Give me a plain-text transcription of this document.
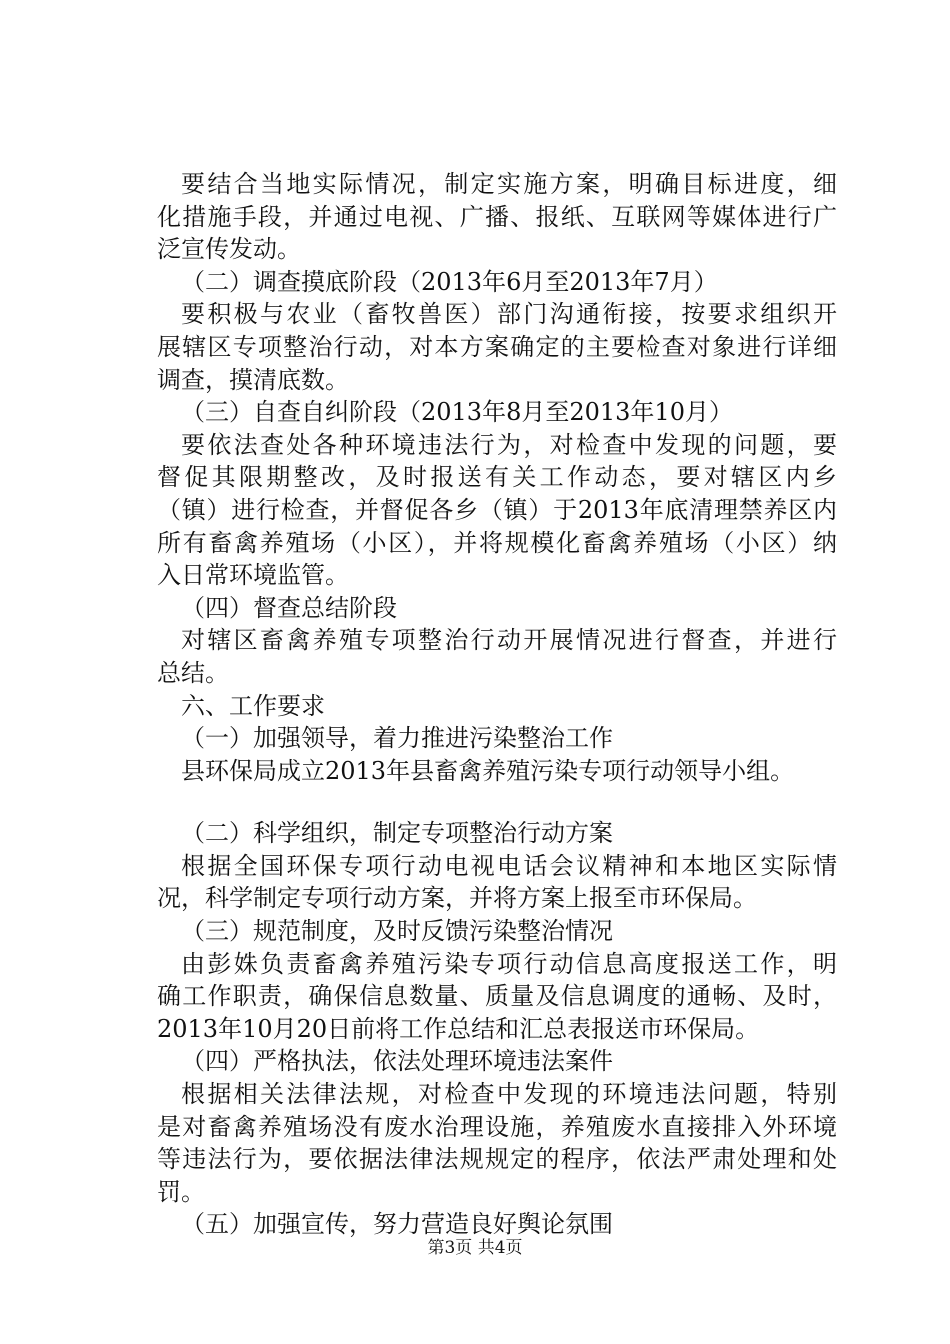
要结合当地实际情况，制定实施方案，明确目标进度，细
化措施手段，并通过电视、广播、报纸、互联网等媒体进行广
泛宣传发动。
（二）调查摸底阶段（2013年6月至2013年7月）
要积极与农业（畜牧兽医）部门沟通衔接，按要求组织开
展辖区专项整治行动，对本方案确定的主要检查对象进行详细
调查，摸清底数。
（三）自查自纠阶段（2013年8月至2013年10月）
要依法查处各种环境违法行为，对检查中发现的问题，要
督促其限期整改，及时报送有关工作动态，要对辖区内乡
（镇）进行检查，并督促各乡（镇）于2013年底清理禁养区内
所有畜禽养殖场（小区），并将规模化畜禽养殖场（小区）纳
入日常环境监管。
（四）督查总结阶段
对辖区畜禽养殖专项整治行动开展情况进行督查，并进行
总结。
六、工作要求
（一）加强领导，着力推进污染整治工作
县环保局成立2013年县畜禽养殖污染专项行动领导小组。
（二）科学组织，制定专项整治行动方案
根据全国环保专项行动电视电话会议精神和本地区实际情
况，科学制定专项行动方案，并将方案上报至市环保局。
（三）规范制度，及时反馈污染整治情况
由彭姝负责畜禽养殖污染专项行动信息高度报送工作，明
确工作职责，确保信息数量、质量及信息调度的通畅、及时，
2013年10月20日前将工作总结和汇总表报送市环保局。
（四）严格执法，依法处理环境违法案件
根据相关法律法规，对检查中发现的环境违法问题，特别
是对畜禽养殖场没有废水治理设施，养殖废水直接排入外环境
等违法行为，要依据法律法规规定的程序，依法严肃处理和处
罚。
（五）加强宣传，努力营造良好舆论氛围
第3页 共4页
